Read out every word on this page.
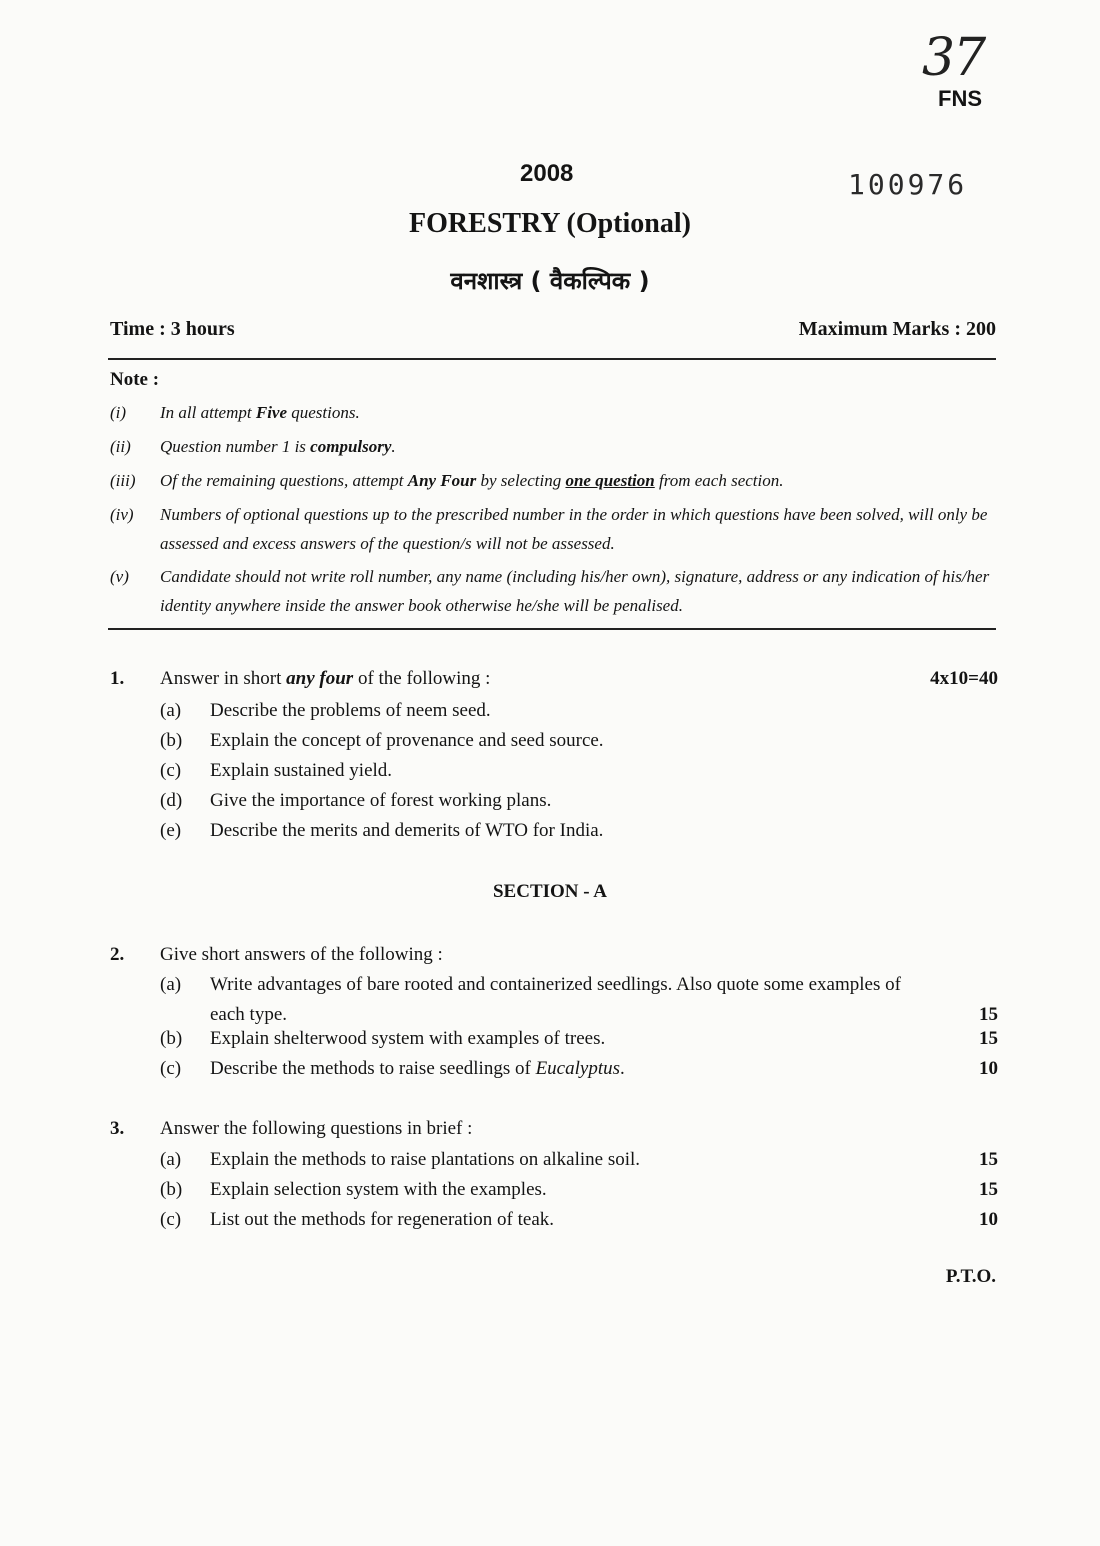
37
FNS
2008	100976
FORESTRY (Optional)
वनशास्त्र ( वैकल्पिक )
Time : 3 hours	Maximum Marks : 200
Note :
(i) In all attempt Five questions.
(ii) Question number 1 is compulsory.
(iii) Of the remaining questions, attempt Any Four by selecting one question from each section.
(iv) Numbers of optional questions up to the prescribed number in the order in which questions have been solved, will only be assessed and excess answers of the question/s will not be assessed.
(v) Candidate should not write roll number, any name (including his/her own), signature, address or any indication of his/her identity anywhere inside the answer book otherwise he/she will be penalised.
1. Answer in short any four of the following :	4x10=40
(a) Describe the problems of neem seed.
(b) Explain the concept of provenance and seed source.
(c) Explain sustained yield.
(d) Give the importance of forest working plans.
(e) Describe the merits and demerits of WTO for India.
SECTION - A
2. Give short answers of the following :
(a) Write advantages of bare rooted and containerized seedlings. Also quote some examples of each type.	15
(b) Explain shelterwood system with examples of trees.	15
(c) Describe the methods to raise seedlings of Eucalyptus.	10
3. Answer the following questions in brief :
(a) Explain the methods to raise plantations on alkaline soil.	15
(b) Explain selection system with the examples.	15
(c) List out the methods for regeneration of teak.	10
P.T.O.
